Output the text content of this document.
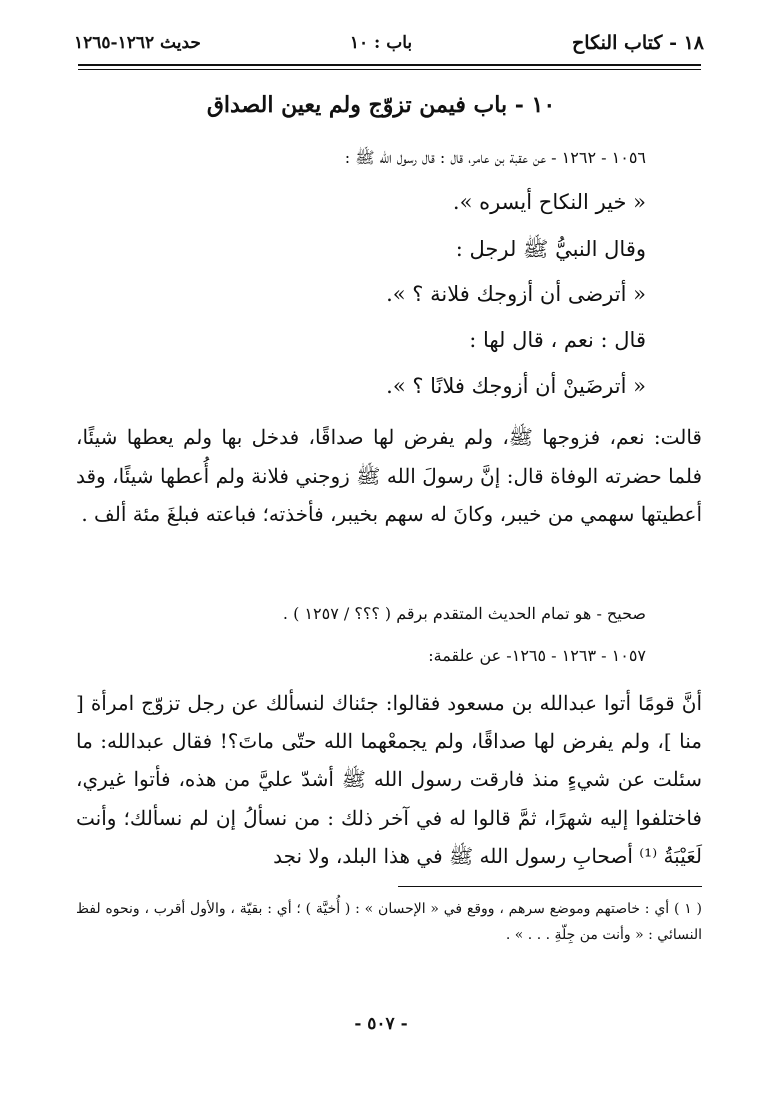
١٨ - كتاب النكاح
باب : ١٠
حديث ١٢٦٢-١٢٦٥
١٠ - باب فيمن تزوّج ولم يعين الصداق
١٠٥٦ - ١٢٦٢ - عن عقبة بن عامر، قال : قال رسول الله ﷺ :
« خير النكاح أيسره ».
وقال النبيُّ ﷺ لرجل :
« أترضى أن أزوجك فلانة ؟ ».
قال : نعم ، قال لها :
« أترضَينْ أن أزوجك فلانًا ؟ ».
قالت: نعم، فزوجها ﷺ، ولم يفرض لها صداقًا، فدخل بها ولم يعطها شيئًا، فلما حضرته الوفاة قال: إنَّ رسولَ الله ﷺ زوجني فلانة ولم أُعطها شيئًا، وقد أعطيتها سهمي من خيبر، وكانَ له سهم بخيبر، فأخذته؛ فباعته فبلغَ مئة ألف .
صحيح - هو تمام الحديث المتقدم برقم ( ؟؟؟ / ١٢٥٧ ) .
١٠٥٧ - ١٢٦٣ - ١٢٦٥- عن علقمة:
أنَّ قومًا أتوا عبدالله بن مسعود فقالوا: جئناك لنسألك عن رجل تزوّج امرأة [ منا ]، ولم يفرض لها صداقًا، ولم يجمعْهما الله حتّى ماتَ؟! فقال عبدالله: ما سئلت عن شيءٍ منذ فارقت رسول الله ﷺ أشدّ عليَّ من هذه، فأتوا غيري، فاختلفوا إليه شهرًا، ثمَّ قالوا له في آخر ذلك : من نسألُ إن لم نسألك؛ وأنت لَعَيْبَةُ ⁽¹⁾ أصحابِ رسول الله ﷺ في هذا البلد، ولا نجد
( ١ ) أي : خاصتهم وموضع سرهم ، ووقع في « الإحسان » : ( أُخيَّة ) ؛ أي : بقيّة ، والأول أقرب ، ونحوه لفظ النسائي : « وأنت من جِلّةِ . . . » .
- ٥٠٧ -
